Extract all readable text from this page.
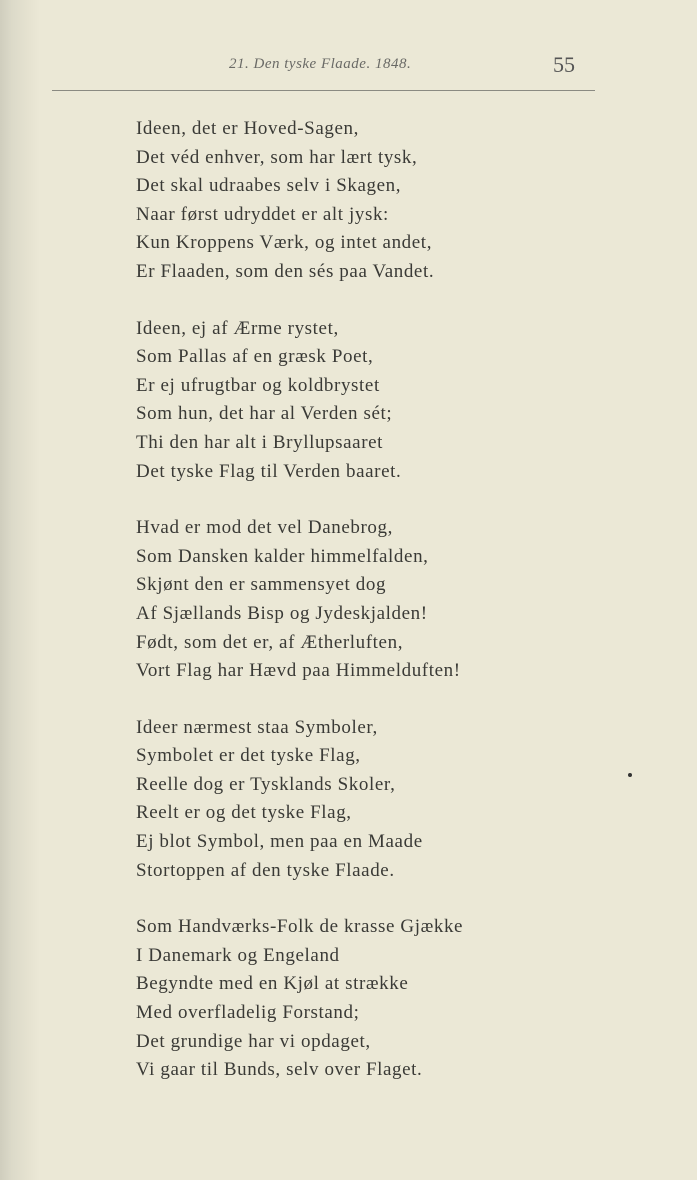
21. Den tyske Flaade. 1848.	55
Ideen, det er Hoved-Sagen,
Det véd enhver, som har lært tysk,
Det skal udraabes selv i Skagen,
Naar først udryddet er alt jysk:
Kun Kroppens Værk, og intet andet,
Er Flaaden, som den sés paa Vandet.
Ideen, ej af Ærme rystet,
Som Pallas af en græsk Poet,
Er ej ufrugtbar og koldbrystet
Som hun, det har al Verden sét;
Thi den har alt i Bryllupsaaret
Det tyske Flag til Verden baaret.
Hvad er mod det vel Danebrog,
Som Dansken kalder himmelfalden,
Skjønt den er sammensyet dog
Af Sjællands Bisp og Jydeskjalden!
Født, som det er, af Ætherluften,
Vort Flag har Hævd paa Himmelduften!
Ideer nærmest staa Symboler,
Symbolet er det tyske Flag,
Reelle dog er Tysklands Skoler,
Reelt er og det tyske Flag,
Ej blot Symbol, men paa en Maade
Stortoppen af den tyske Flaade.
Som Handværks-Folk de krasse Gjække
I Danemark og Engeland
Begyndte med en Kjøl at strække
Med overfladelig Forstand;
Det grundige har vi opdaget,
Vi gaar til Bunds, selv over Flaget.
